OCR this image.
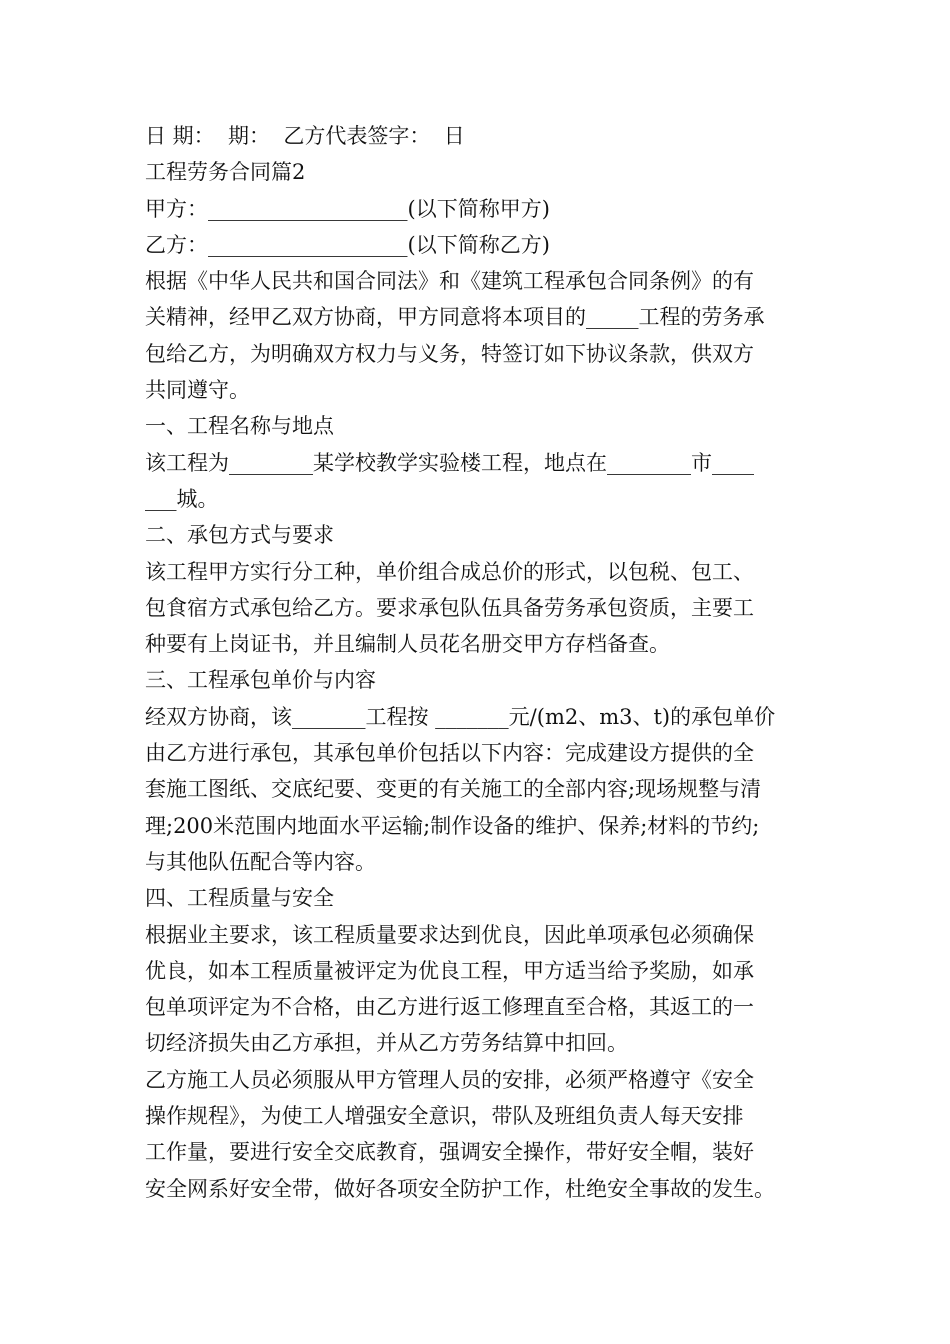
日 期：  期：  乙方代表签字：  日

工程劳务合同篇2

甲方：___________________(以下简称甲方)

乙方：___________________(以下简称乙方)

根据《中华人民共和国合同法》和《建筑工程承包合同条例》的有

关精神，经甲乙双方协商，甲方同意将本项目的_____工程的劳务承

包给乙方，为明确双方权力与义务，特签订如下协议条款，供双方

共同遵守。

一、工程名称与地点

该工程为________某学校教学实验楼工程，地点在________市____

___城。

二、承包方式与要求

该工程甲方实行分工种，单价组合成总价的形式，以包税、包工、

包食宿方式承包给乙方。要求承包队伍具备劳务承包资质，主要工

种要有上岗证书，并且编制人员花名册交甲方存档备查。

三、工程承包单价与内容

经双方协商，该_______工程按 _______元/(m2、m3、t)的承包单价

由乙方进行承包，其承包单价包括以下内容：完成建设方提供的全

套施工图纸、交底纪要、变更的有关施工的全部内容;现场规整与清

理;200米范围内地面水平运输;制作设备的维护、保养;材料的节约;

与其他队伍配合等内容。

四、工程质量与安全

根据业主要求，该工程质量要求达到优良，因此单项承包必须确保

优良，如本工程质量被评定为优良工程，甲方适当给予奖励，如承

包单项评定为不合格，由乙方进行返工修理直至合格，其返工的一

切经济损失由乙方承担，并从乙方劳务结算中扣回。

乙方施工人员必须服从甲方管理人员的安排，必须严格遵守《安全

操作规程》，为使工人增强安全意识，带队及班组负责人每天安排

工作量，要进行安全交底教育，强调安全操作，带好安全帽，装好

安全网系好安全带，做好各项安全防护工作，杜绝安全事故的发生。
